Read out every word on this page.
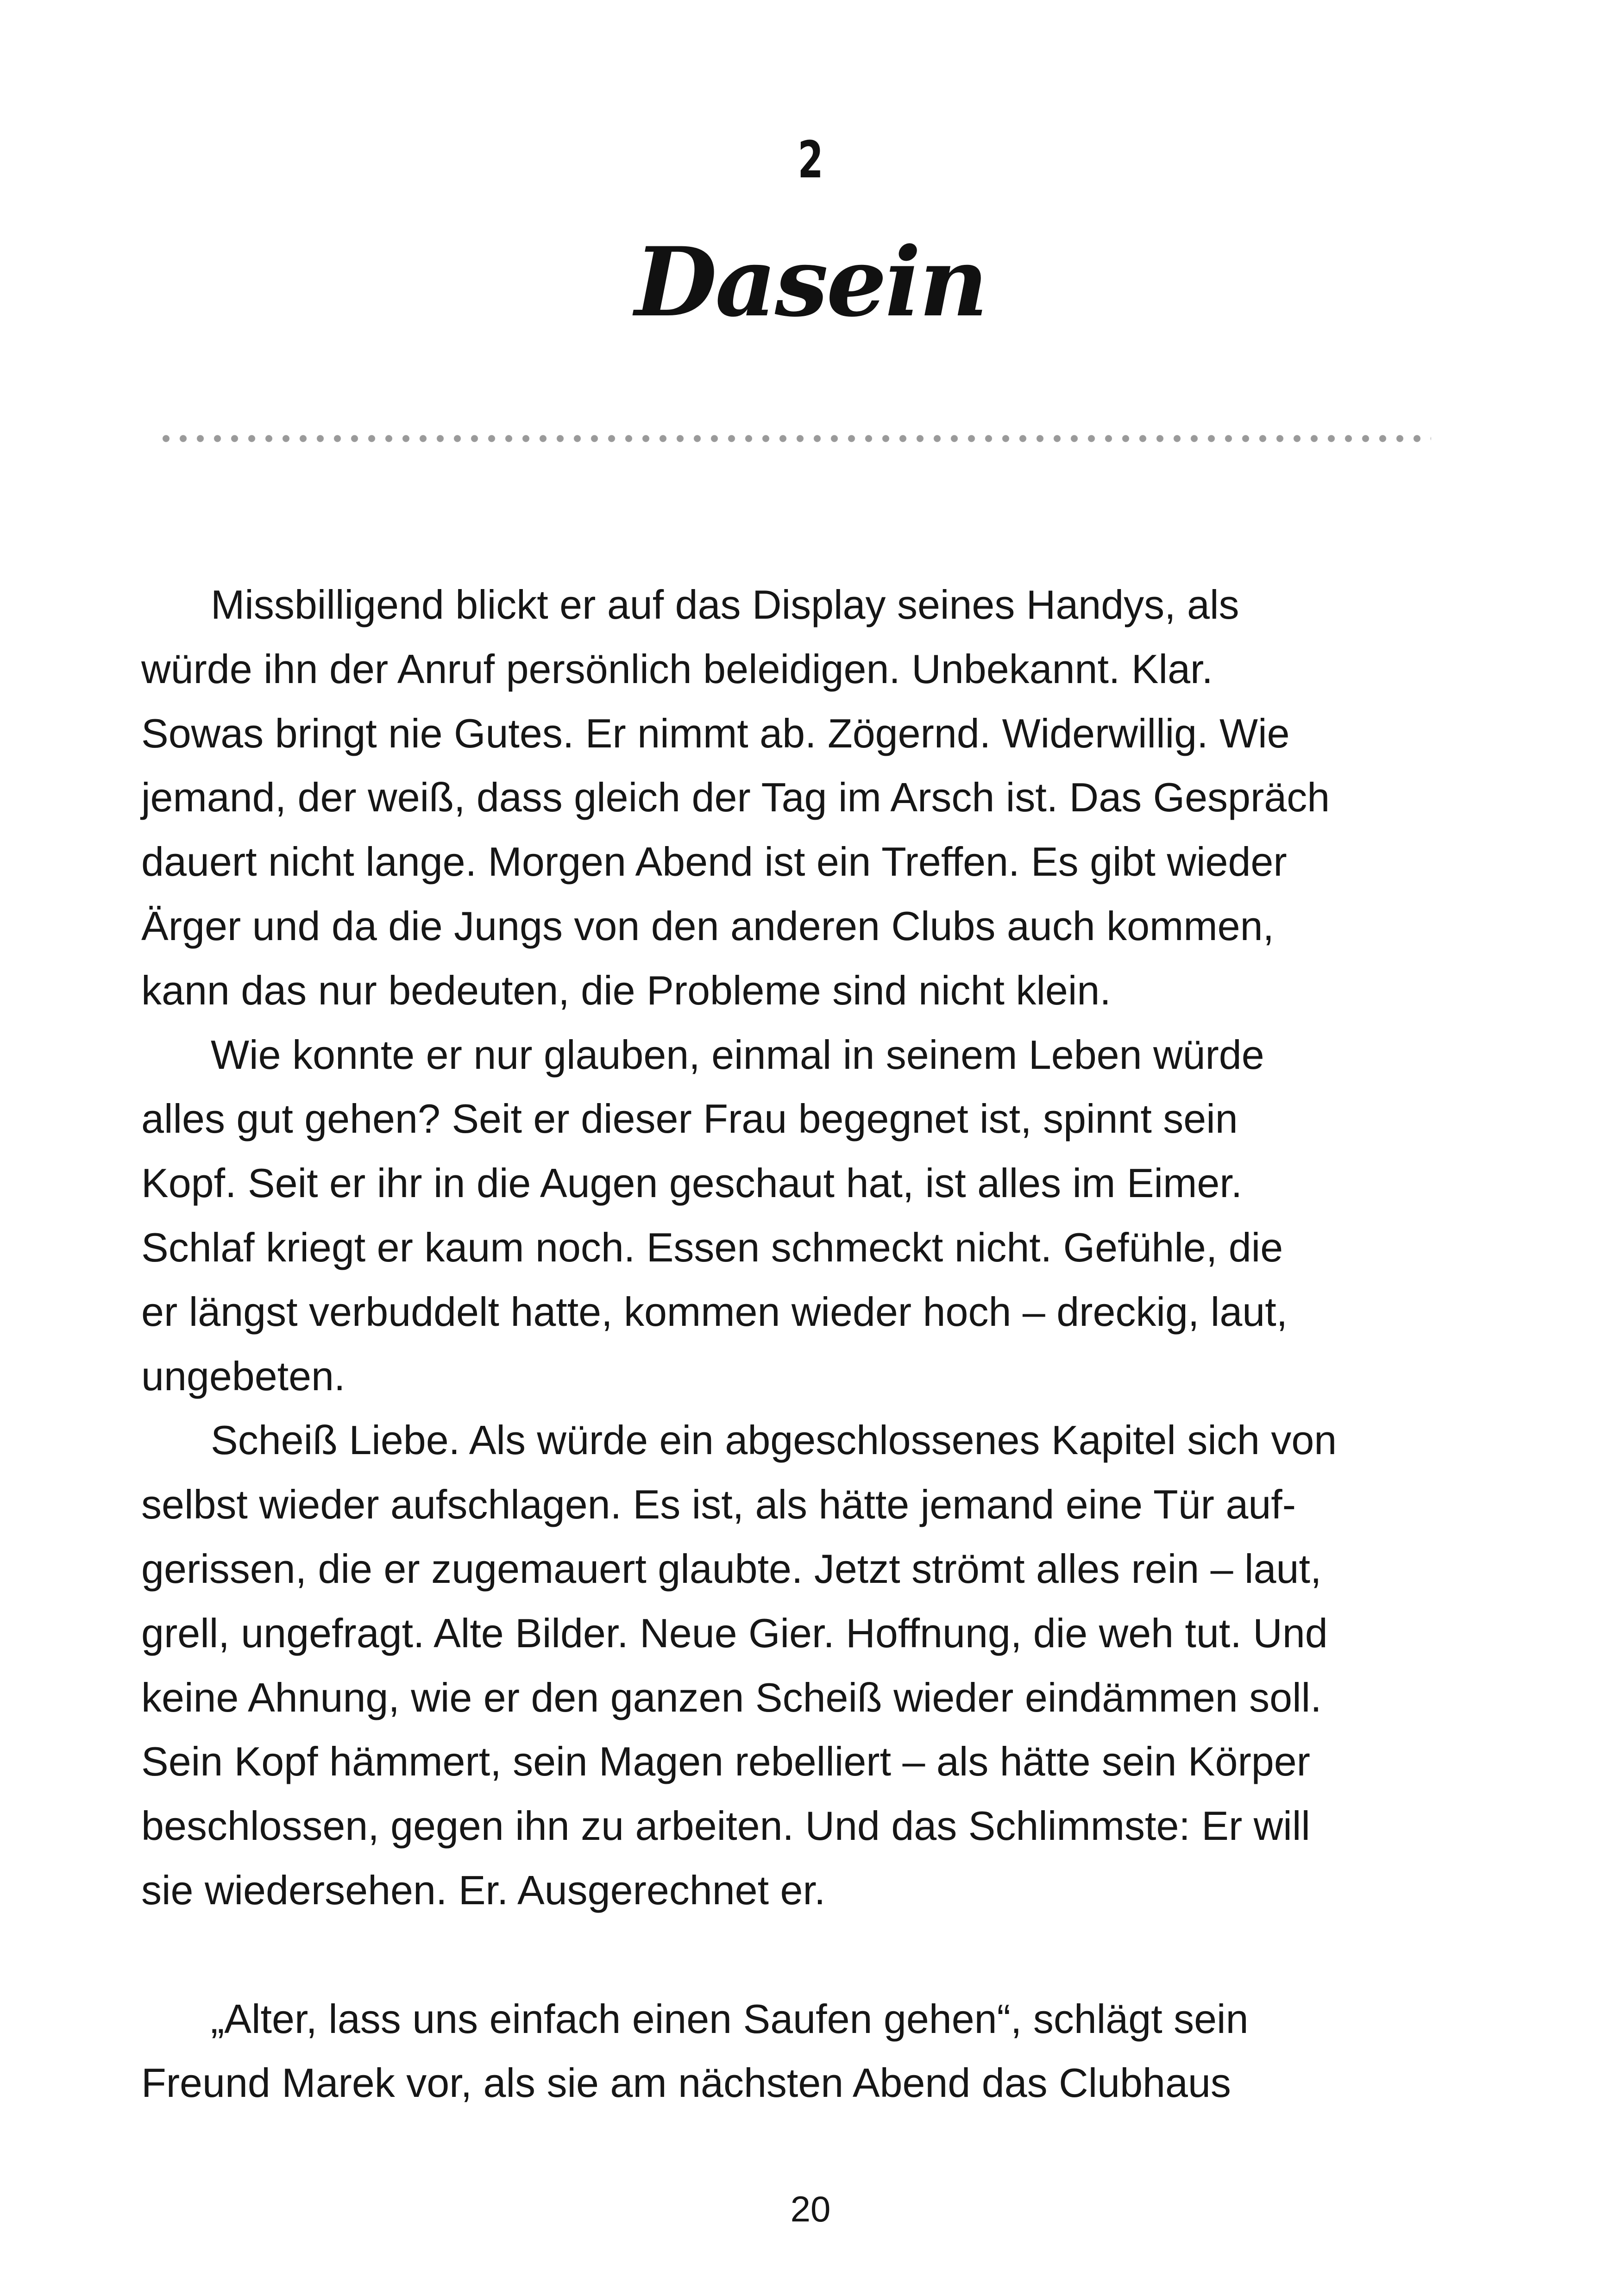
2
Dasein
Missbilligend blickt er auf das Display seines Handys, als
würde ihn der Anruf persönlich beleidigen. Unbekannt. Klar.
Sowas bringt nie Gutes. Er nimmt ab. Zögernd. Widerwillig. Wie
jemand, der weiß, dass gleich der Tag im Arsch ist. Das Gespräch
dauert nicht lange. Morgen Abend ist ein Treffen. Es gibt wieder
Ärger und da die Jungs von den anderen Clubs auch kommen,
kann das nur bedeuten, die Probleme sind nicht klein.
Wie konnte er nur glauben, einmal in seinem Leben würde
alles gut gehen? Seit er dieser Frau begegnet ist, spinnt sein
Kopf. Seit er ihr in die Augen geschaut hat, ist alles im Eimer.
Schlaf kriegt er kaum noch. Essen schmeckt nicht. Gefühle, die
er längst verbuddelt hatte, kommen wieder hoch – dreckig, laut,
ungebeten.
Scheiß Liebe. Als würde ein abgeschlossenes Kapitel sich von
selbst wieder aufschlagen. Es ist, als hätte jemand eine Tür auf-
gerissen, die er zugemauert glaubte. Jetzt strömt alles rein – laut,
grell, ungefragt. Alte Bilder. Neue Gier. Hoffnung, die weh tut. Und
keine Ahnung, wie er den ganzen Scheiß wieder eindämmen soll.
Sein Kopf hämmert, sein Magen rebelliert – als hätte sein Körper
beschlossen, gegen ihn zu arbeiten. Und das Schlimmste: Er will
sie wiedersehen. Er. Ausgerechnet er.
„Alter, lass uns einfach einen Saufen gehen“, schlägt sein
Freund Marek vor, als sie am nächsten Abend das Clubhaus
20
